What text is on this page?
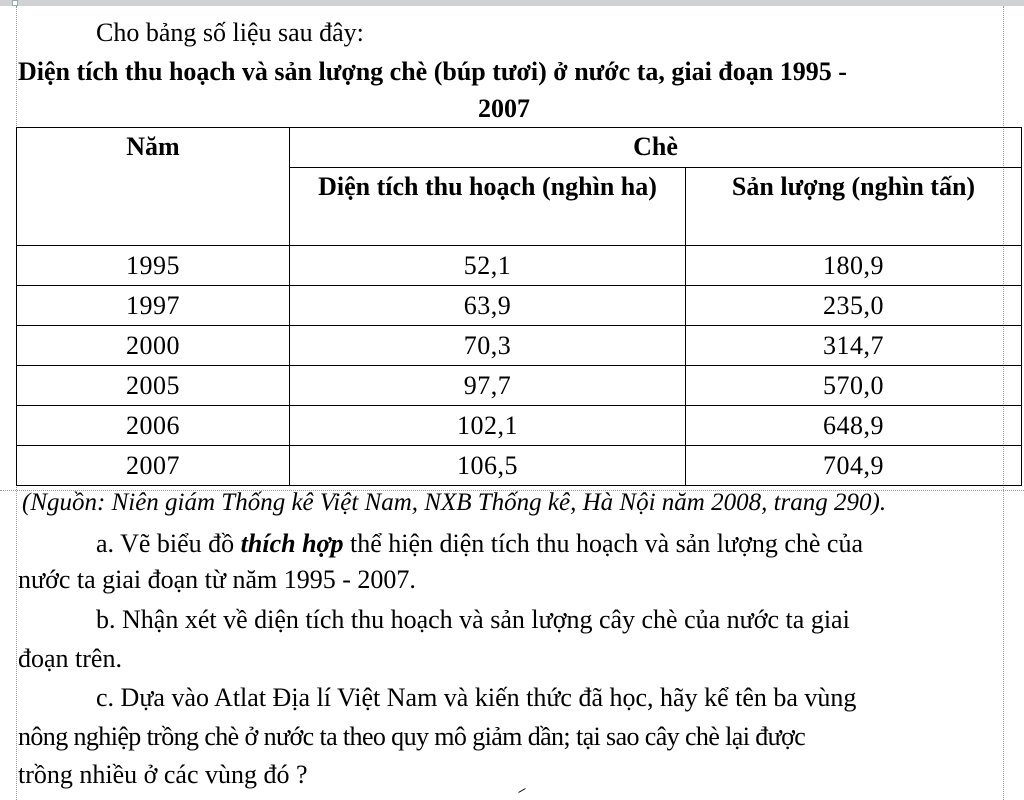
Cho bảng số liệu sau đây:
Diện tích thu hoạch và sản lượng chè (búp tươi) ở nước ta, giai đoạn 1995 -
2007
Năm	Chè	
	Diện tích thu hoạch (nghìn ha)	Sản lượng (nghìn tấn)
1995	52,1	180,9
1997	63,9	235,0
2000	70,3	314,7
2005	97,7	570,0
2006	102,1	648,9
2007	106,5	704,9
(Nguồn: Niên giám Thống kê Việt Nam, NXB Thống kê, Hà Nội năm 2008, trang 290).
a. Vẽ biểu đồ thích hợp thể hiện diện tích thu hoạch và sản lượng chè của
nước ta giai đoạn từ năm 1995 - 2007.
b. Nhận xét về diện tích thu hoạch và sản lượng cây chè của nước ta giai
đoạn trên.
c. Dựa vào Atlat Địa lí Việt Nam và kiến thức đã học, hãy kể tên ba vùng
nông nghiệp trồng chè ở nước ta theo quy mô giảm dần; tại sao cây chè lại được
trồng nhiều ở các vùng đó ?
